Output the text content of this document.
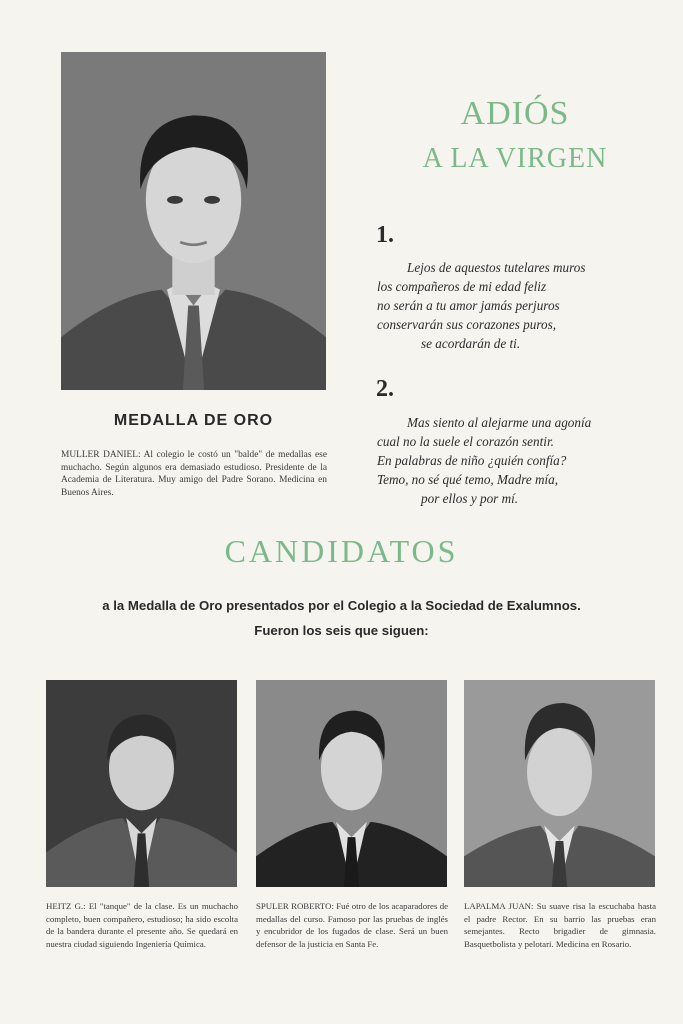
ADIÓS
A LA VIRGEN
1.
Lejos de aquestos tutelares muros
los compañeros de mi edad feliz
no serán a tu amor jamás perjuros
conservarán sus corazones puros,
se acordarán de ti.
2.
Mas siento al alejarme una agonía
cual no la suele el corazón sentir.
En palabras de niño ¿quién confía?
Temo, no sé qué temo, Madre mía,
por ellos y por mí.
MEDALLA DE ORO
MULLER DANIEL: Al colegio le costó un "balde" de medallas ese muchacho. Según algunos era demasiado estudioso. Presidente de la Academia de Literatura. Muy amigo del Padre Sorano. Medicina en Buenos Aires.
CANDIDATOS
a la Medalla de Oro presentados por el Colegio a la Sociedad de Exalumnos.
Fueron los seis que siguen:
HEITZ G.: El "tanque" de la clase. Es un muchacho completo, buen compañero, estudioso; ha sido escolta de la bandera durante el presente año. Se quedará en nuestra ciudad siguiendo Ingeniería Química.
SPULER ROBERTO: Fué otro de los acaparadores de medallas del curso. Famoso por las pruebas de inglés y encubridor de los fugados de clase. Será un buen defensor de la justicia en Santa Fe.
LAPALMA JUAN: Su suave risa la escuchaba hasta el padre Rector. En su barrio las pruebas eran semejantes. Recto brigadier de gimnasia. Basquetbolista y pelotari. Medicina en Rosario.
